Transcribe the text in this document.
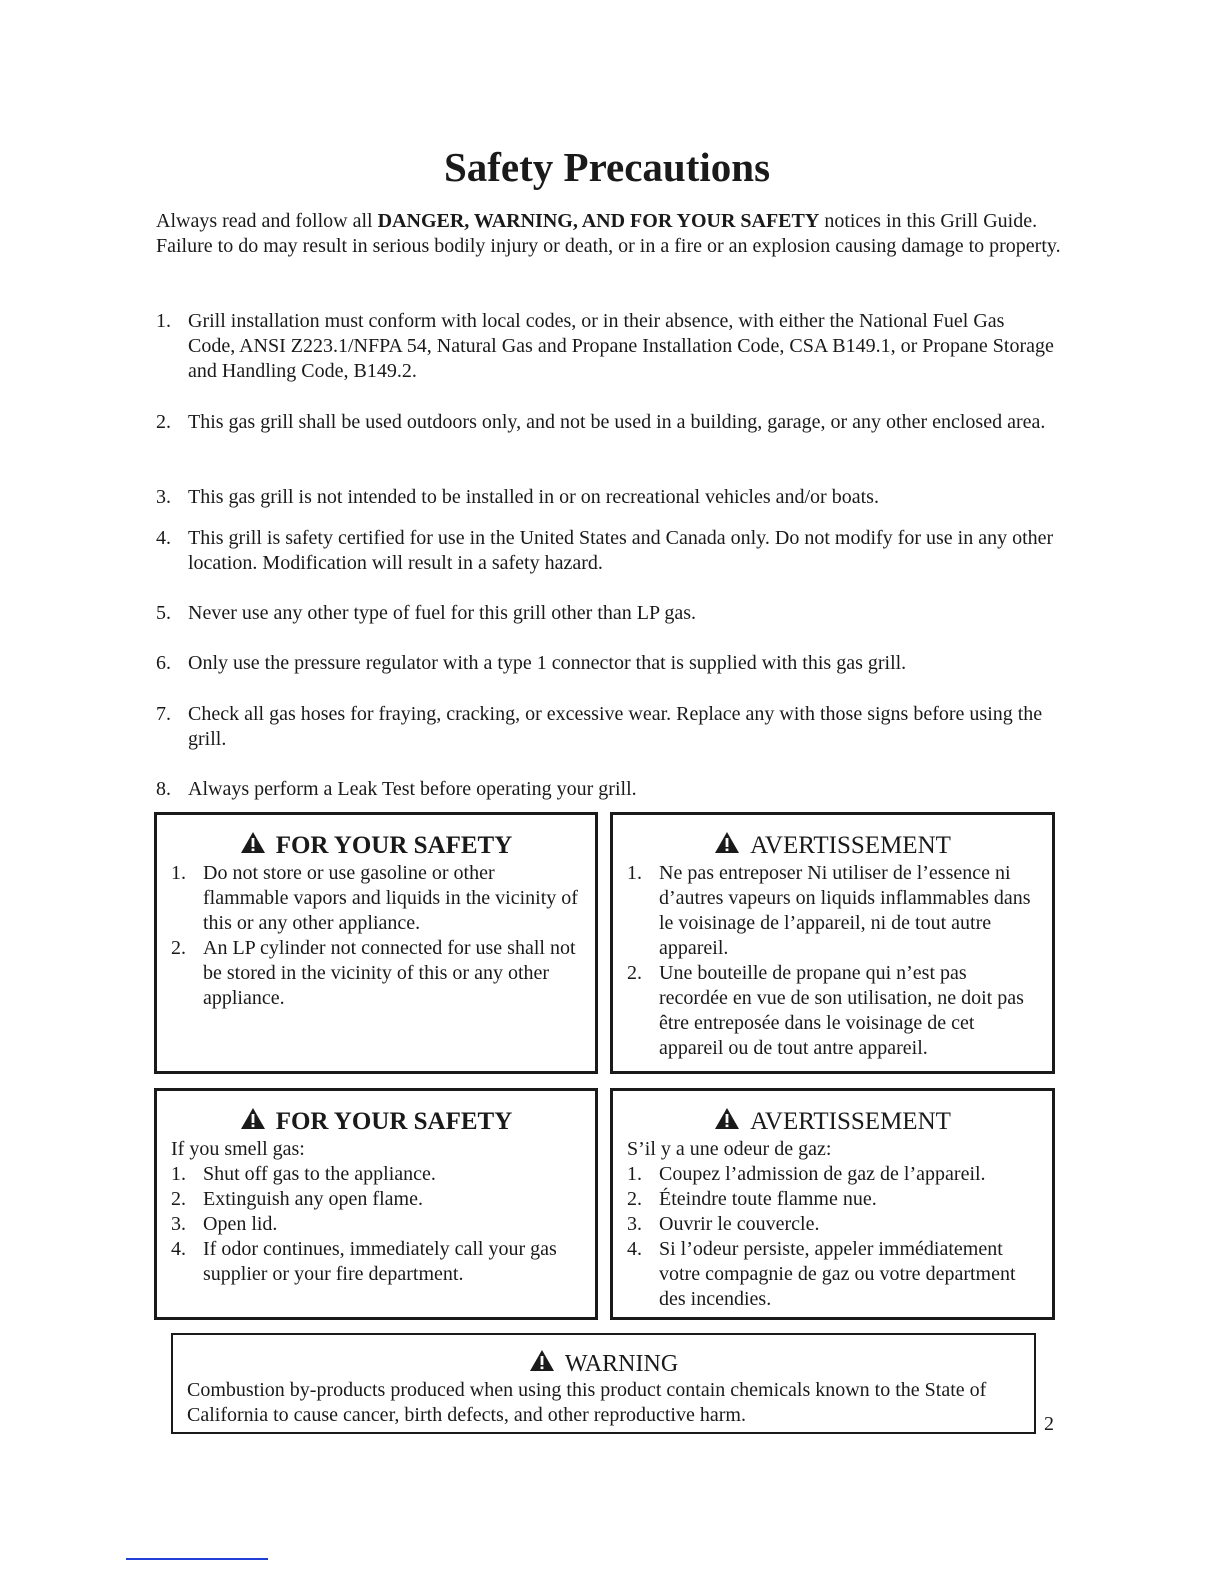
Safety Precautions

Always read and follow all DANGER, WARNING, AND FOR YOUR SAFETY notices in this Grill Guide. Failure to do may result in serious bodily injury or death, or in a fire or an explosion causing damage to property.

1. Grill installation must conform with local codes, or in their absence, with either the National Fuel Gas Code, ANSI Z223.1/NFPA 54, Natural Gas and Propane Installation Code, CSA B149.1, or Propane Storage and Handling Code, B149.2.
2. This gas grill shall be used outdoors only, and not be used in a building, garage, or any other enclosed area.
3. This gas grill is not intended to be installed in or on recreational vehicles and/or boats.
4. This grill is safety certified for use in the United States and Canada only. Do not modify for use in any other location. Modification will result in a safety hazard.
5. Never use any other type of fuel for this grill other than LP gas.
6. Only use the pressure regulator with a type 1 connector that is supplied with this gas grill.
7. Check all gas hoses for fraying, cracking, or excessive wear. Replace any with those signs before using the grill.
8. Always perform a Leak Test before operating your grill.

FOR YOUR SAFETY

1. Do not store or use gasoline or other flammable vapors and liquids in the vicinity of this or any other appliance.
2. An LP cylinder not connected for use shall not be stored in the vicinity of this or any other appliance.

AVERTISSEMENT

1. Ne pas entreposer Ni utiliser de l’essence ni d’autres vapeurs on liquids inflammables dans le voisinage de l’appareil, ni de tout autre appareil.
2. Une bouteille de propane qui n’est pas recordée en vue de son utilisation, ne doit pas être entreposée dans le voisinage de cet appareil ou de tout antre appareil.

FOR YOUR SAFETY

If you smell gas:

1. Shut off gas to the appliance.
2. Extinguish any open flame.
3. Open lid.
4. If odor continues, immediately call your gas supplier or your fire department.

AVERTISSEMENT

S’il y a une odeur de gaz:

1. Coupez l’admission de gaz de l’appareil.
2. Éteindre toute flamme nue.
3. Ouvrir le couvercle.
4. Si l’odeur persiste, appeler immédiatement votre compagnie de gaz ou votre department des incendies.

WARNING

Combustion by-products produced when using this product contain chemicals known to the State of California to cause cancer, birth defects, and other reproductive harm.	2
